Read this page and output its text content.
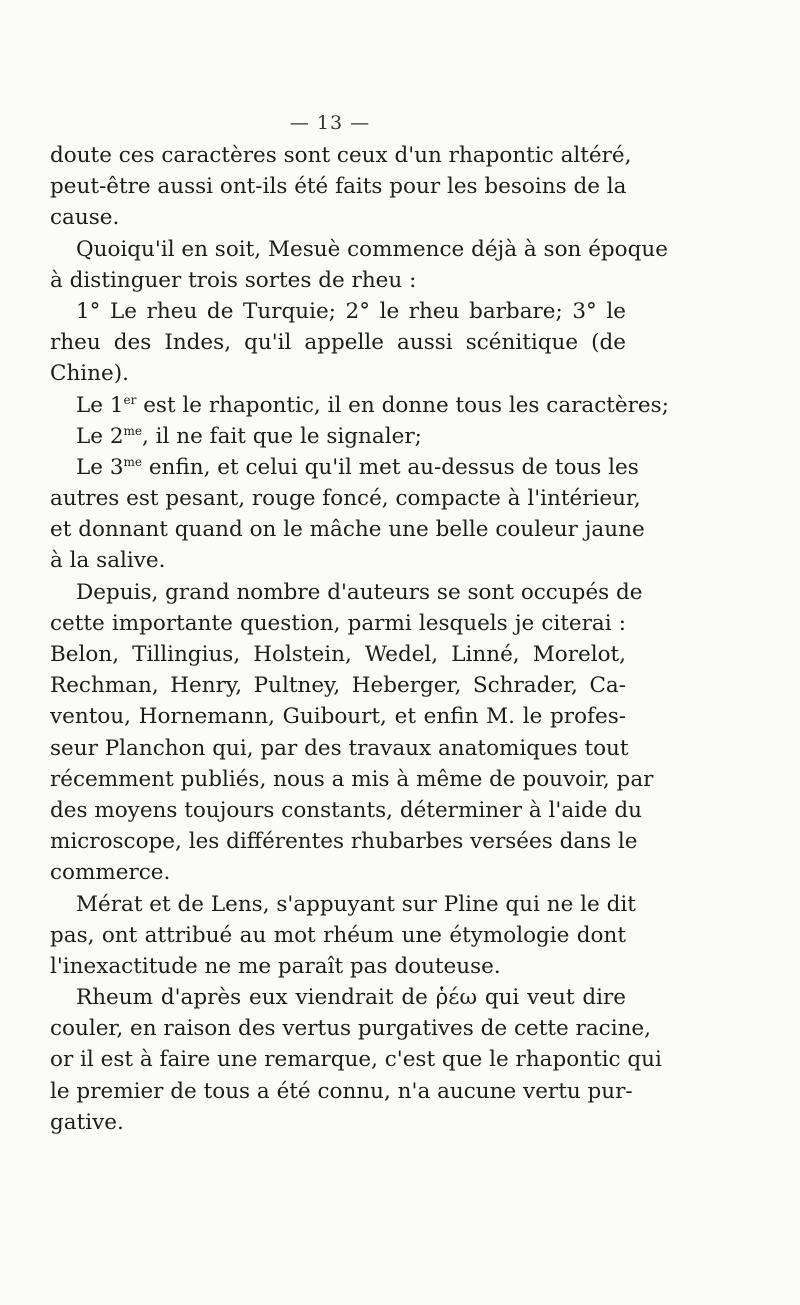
— 13 —
doute ces caractères sont ceux d'un rhapontic altéré,
peut-être aussi ont-ils été faits pour les besoins de la
cause.
Quoiqu'il en soit, Mesuè commence déjà à son époque
à distinguer trois sortes de rheu :
1° Le rheu de Turquie; 2° le rheu barbare; 3° le
rheu des Indes, qu'il appelle aussi scénitique (de
Chine).
Le 1er est le rhapontic, il en donne tous les caractères;
Le $2^{me}$, il ne fait que le signaler;
Le $3^{me}$ enfin, et celui qu'il met au-dessus de tous les
autres est pesant, rouge foncé, compacte à l'intérieur,
et donnant quand on le mâche une belle couleur jaune
à la salive.
Depuis, grand nombre d'auteurs se sont occupés de
cette importante question, parmi lesquels je citerai :
Belon, Tillingius, Holstein, Wedel, Linné, Morelot,
Rechman, Henry, Pultney, Heberger, Schrader, Ca-
ventou, Hornemann, Guibourt, et enfin M. le profes-
seur Planchon qui, par des travaux anatomiques tout
récemment publiés, nous a mis à même de pouvoir, par
des moyens toujours constants, déterminer à l'aide du
microscope, les différentes rhubarbes versées dans le
commerce.
Mérat et de Lens, s'appuyant sur Pline qui ne le dit
pas, ont attribué au mot rhéum une étymologie dont
l'inexactitude ne me paraît pas douteuse.
Rheum d'après eux viendrait de ῥέω qui veut dire
couler, en raison des vertus purgatives de cette racine,
or il est à faire une remarque, c'est que le rhapontic qui
le premier de tous a été connu, n'a aucune vertu pur-
gative.
